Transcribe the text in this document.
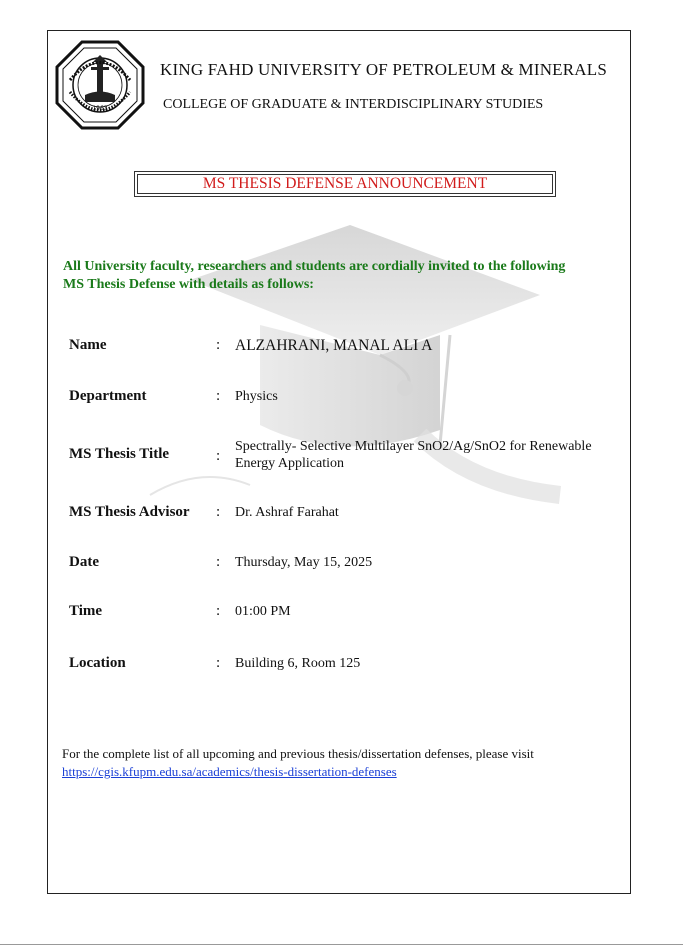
1963
KING FAHD UNIVERSITY OF PETROLEUM & MINERALS
COLLEGE OF GRADUATE & INTERDISCIPLINARY STUDIES
MS THESIS DEFENSE ANNOUNCEMENT
All University faculty, researchers and students are cordially invited to the following MS Thesis Defense with details as follows:
Name	: ALZAHRANI, MANAL ALI A
Department	: Physics
MS Thesis Title	:
Spectrally- Selective Multilayer SnO2/Ag/SnO2 for Renewable Energy Application
MS Thesis Advisor : Dr. Ashraf Farahat
Date	: Thursday, May 15, 2025
Time	: 01:00 PM
Location	: Building 6, Room 125
For the complete list of all upcoming and previous thesis/dissertation defenses, please visit
https://cgis.kfupm.edu.sa/academics/thesis-dissertation-defenses
